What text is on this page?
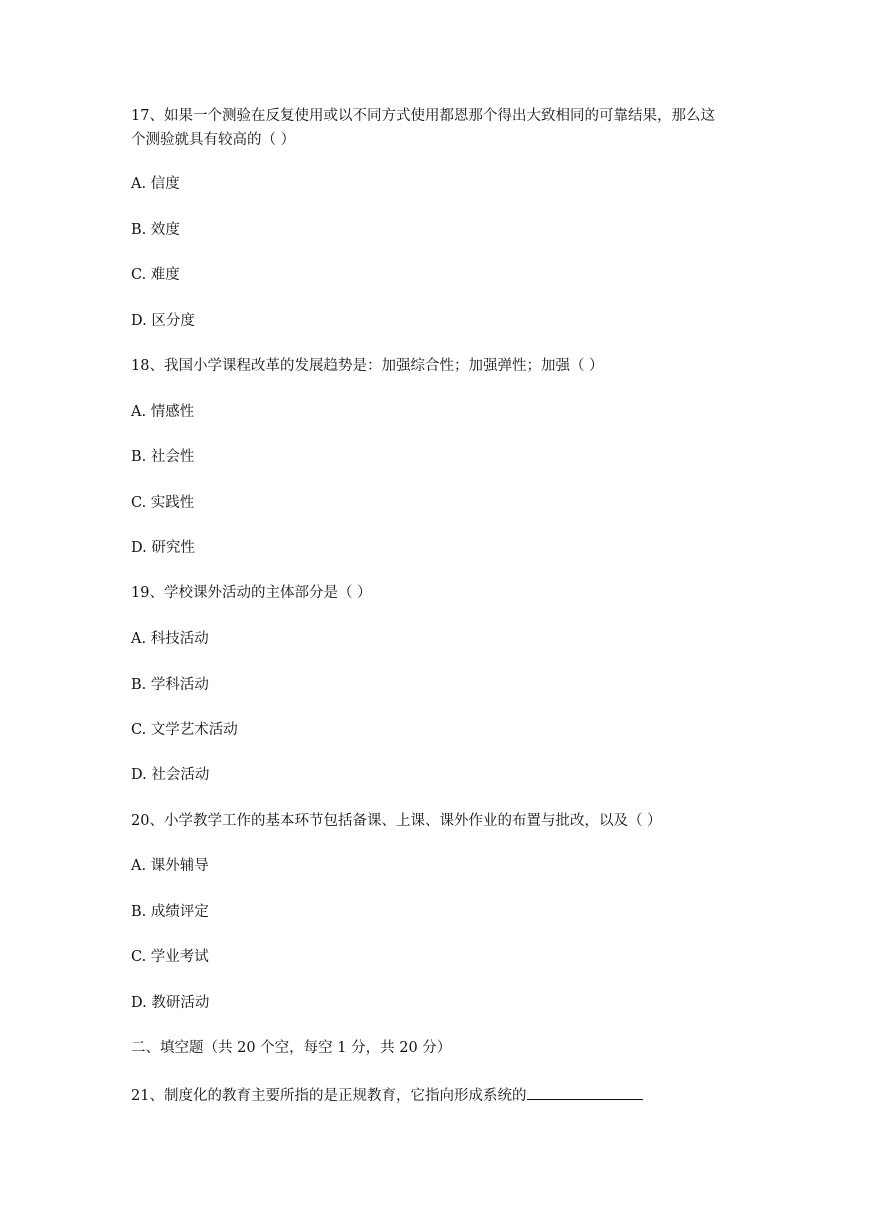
17、如果一个测验在反复使用或以不同方式使用都恩那个得出大致相同的可靠结果，那么这
个测验就具有较高的（ ）
A. 信度
B. 效度
C. 难度
D. 区分度
18、我国小学课程改革的发展趋势是：加强综合性；加强弹性；加强（ ）
A. 情感性
B. 社会性
C. 实践性
D. 研究性
19、学校课外活动的主体部分是（ ）
A. 科技活动
B. 学科活动
C. 文学艺术活动
D. 社会活动
20、小学教学工作的基本环节包括备课、上课、课外作业的布置与批改，以及（ ）
A. 课外辅导
B. 成绩评定
C. 学业考试
D. 教研活动
二、填空题（共 20 个空，每空 1 分，共 20 分）
21、制度化的教育主要所指的是正规教育，它指向形成系统的
